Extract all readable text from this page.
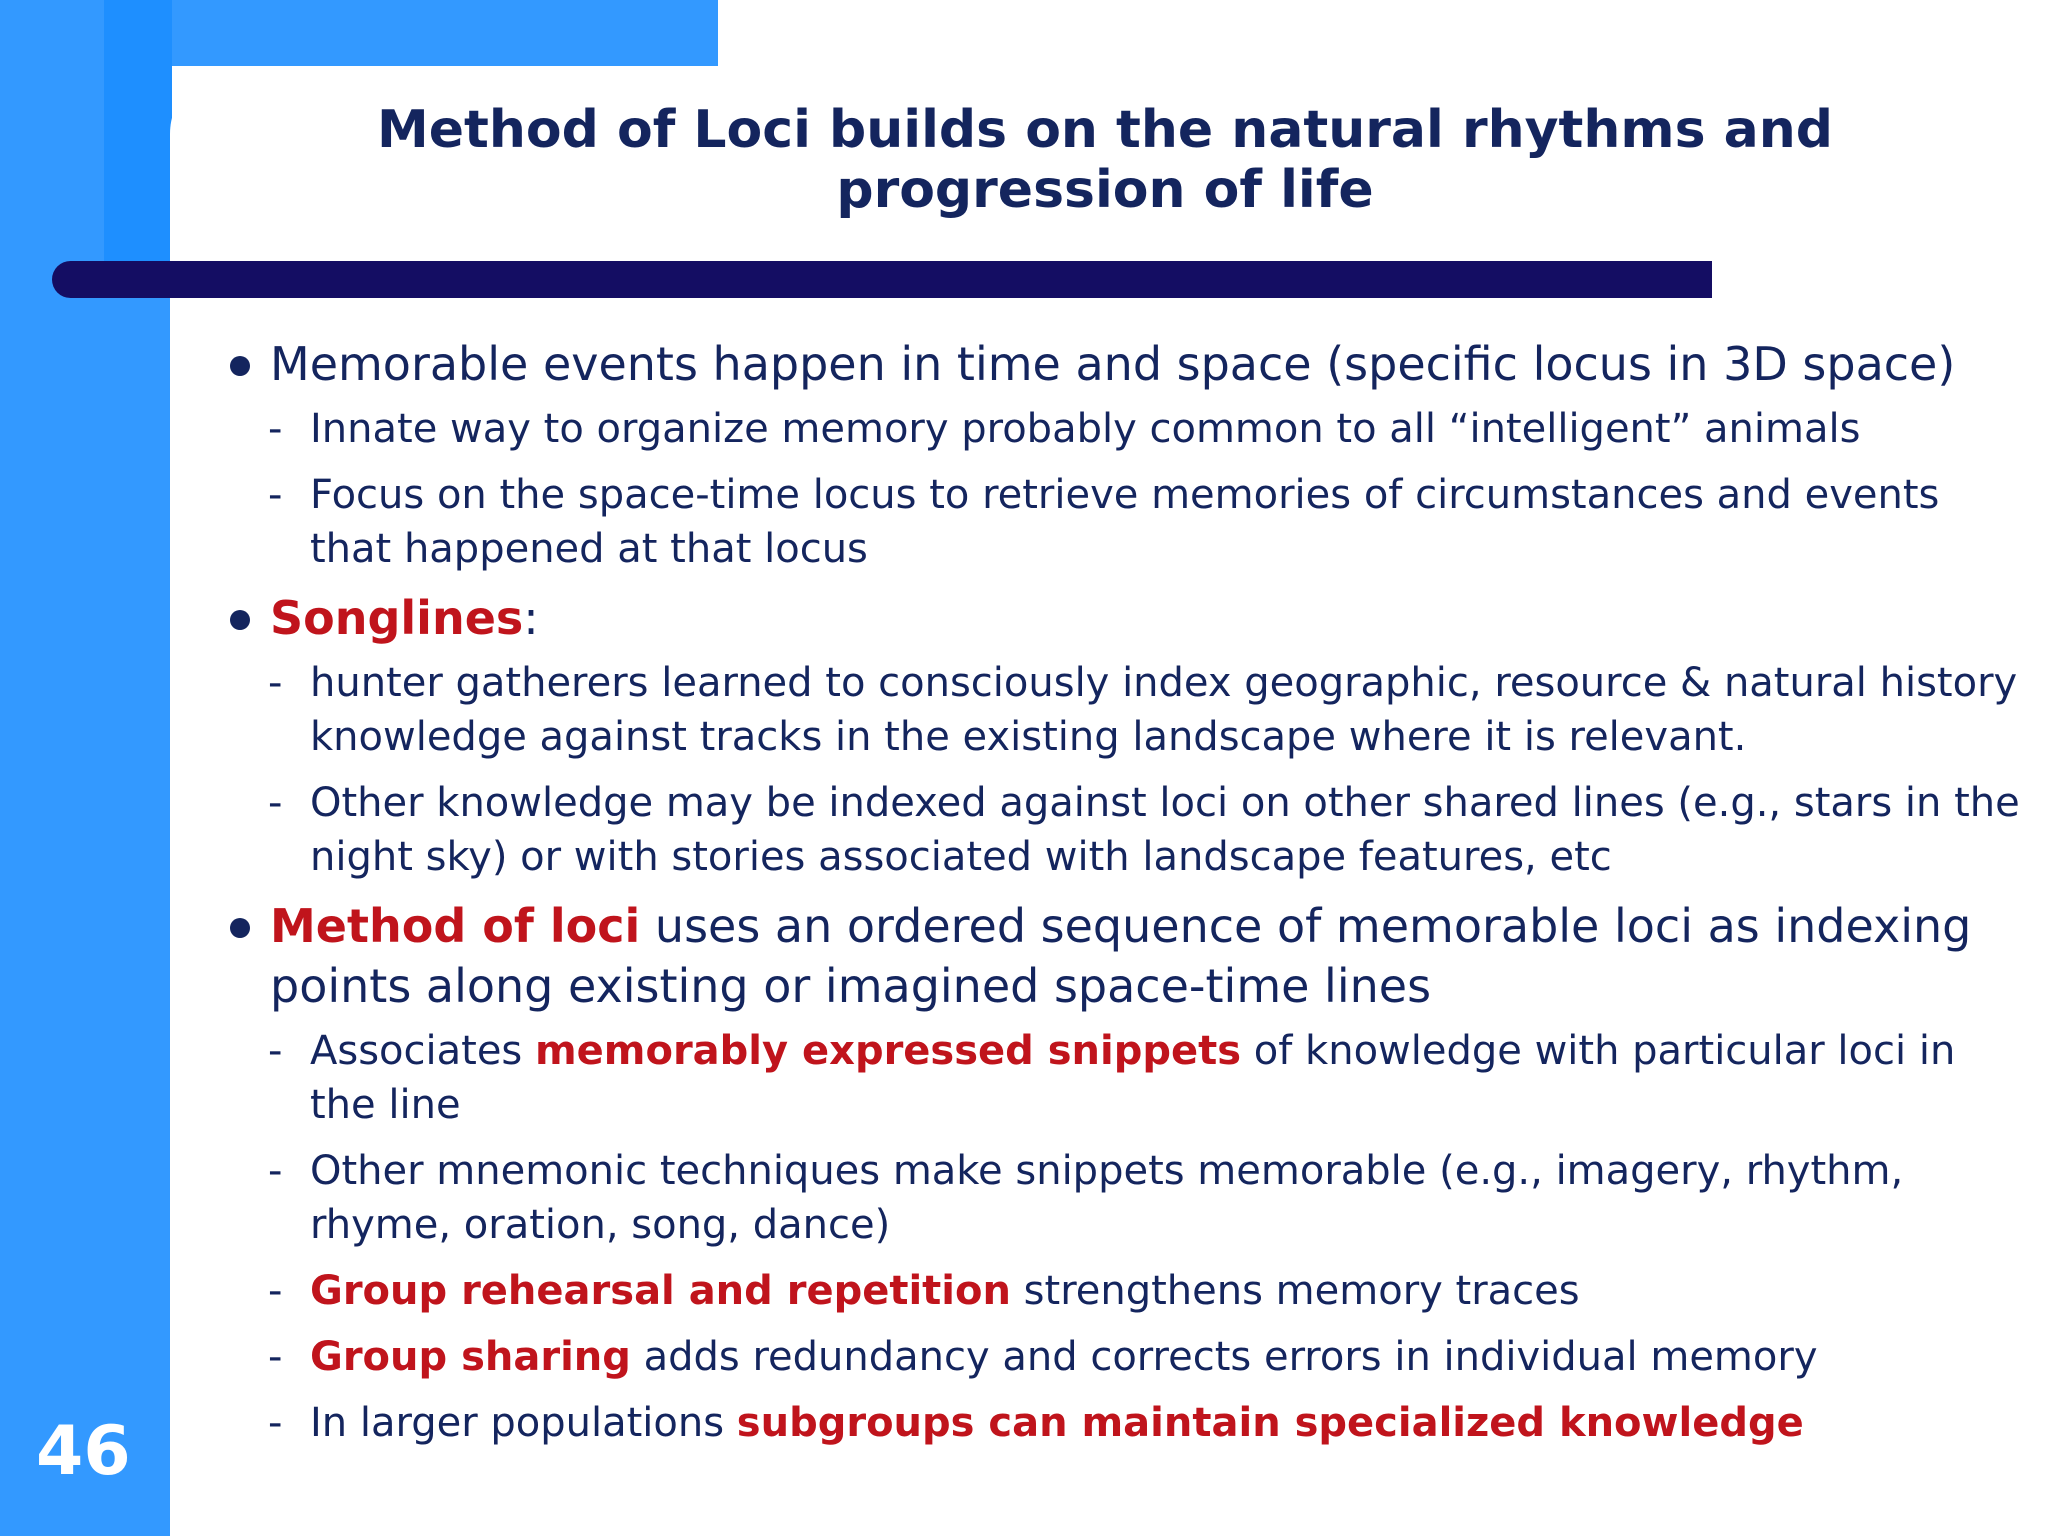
Method of Loci builds on the natural rhythms and progression of life
Memorable events happen in time and space (specific locus in 3D space)
- Innate way to organize memory probably common to all “intelligent” animals
- Focus on the space-time locus to retrieve memories of circumstances and events that happened at that locus
Songlines:
- hunter gatherers learned to consciously index geographic, resource & natural history knowledge against tracks in the existing landscape where it is relevant.
- Other knowledge may be indexed against loci on other shared lines (e.g., stars in the night sky) or with stories associated with landscape features, etc
Method of loci uses an ordered sequence of memorable loci as indexing points along existing or imagined space-time lines
- Associates memorably expressed snippets of knowledge with particular loci in the line
- Other mnemonic techniques make snippets memorable (e.g., imagery, rhythm, rhyme, oration, song, dance)
- Group rehearsal and repetition strengthens memory traces
- Group sharing adds redundancy and corrects errors in individual memory
- In larger populations subgroups can maintain specialized knowledge
46
